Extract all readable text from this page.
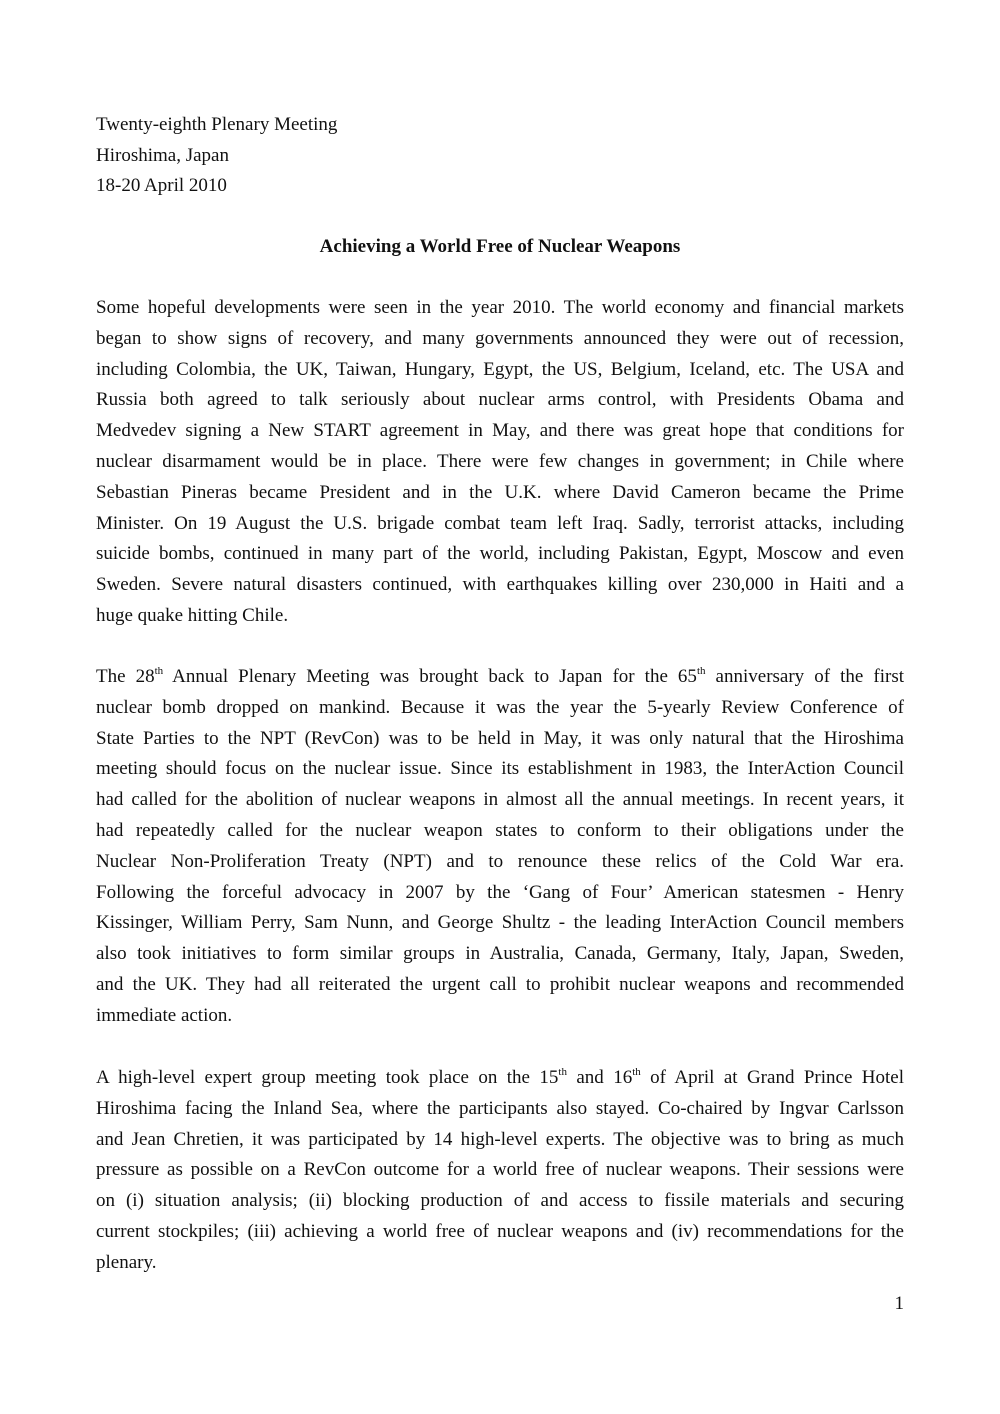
Twenty-eighth Plenary Meeting
Hiroshima, Japan
18-20 April 2010
Achieving a World Free of Nuclear Weapons
Some hopeful developments were seen in the year 2010. The world economy and financial markets
began to show signs of recovery, and many governments announced they were out of recession,
including Colombia, the UK, Taiwan, Hungary, Egypt, the US, Belgium, Iceland, etc. The USA and
Russia both agreed to talk seriously about nuclear arms control, with Presidents Obama and
Medvedev signing a New START agreement in May, and there was great hope that conditions for
nuclear disarmament would be in place. There were few changes in government; in Chile where
Sebastian Pineras became President and in the U.K. where David Cameron became the Prime
Minister. On 19 August the U.S. brigade combat team left Iraq. Sadly, terrorist attacks, including
suicide bombs, continued in many part of the world, including Pakistan, Egypt, Moscow and even
Sweden. Severe natural disasters continued, with earthquakes killing over 230,000 in Haiti and a
huge quake hitting Chile.
The 28th Annual Plenary Meeting was brought back to Japan for the 65th anniversary of the first
nuclear bomb dropped on mankind. Because it was the year the 5-yearly Review Conference of
State Parties to the NPT (RevCon) was to be held in May, it was only natural that the Hiroshima
meeting should focus on the nuclear issue. Since its establishment in 1983, the InterAction Council
had called for the abolition of nuclear weapons in almost all the annual meetings. In recent years, it
had repeatedly called for the nuclear weapon states to conform to their obligations under the
Nuclear Non-Proliferation Treaty (NPT) and to renounce these relics of the Cold War era.
Following the forceful advocacy in 2007 by the ‘Gang of Four’ American statesmen - Henry
Kissinger, William Perry, Sam Nunn, and George Shultz - the leading InterAction Council members
also took initiatives to form similar groups in Australia, Canada, Germany, Italy, Japan, Sweden,
and the UK. They had all reiterated the urgent call to prohibit nuclear weapons and recommended
immediate action.
A high-level expert group meeting took place on the 15th and 16th of April at Grand Prince Hotel
Hiroshima facing the Inland Sea, where the participants also stayed. Co-chaired by Ingvar Carlsson
and Jean Chretien, it was participated by 14 high-level experts. The objective was to bring as much
pressure as possible on a RevCon outcome for a world free of nuclear weapons. Their sessions were
on (i) situation analysis; (ii) blocking production of and access to fissile materials and securing
current stockpiles; (iii) achieving a world free of nuclear weapons and (iv) recommendations for the
plenary.
1
